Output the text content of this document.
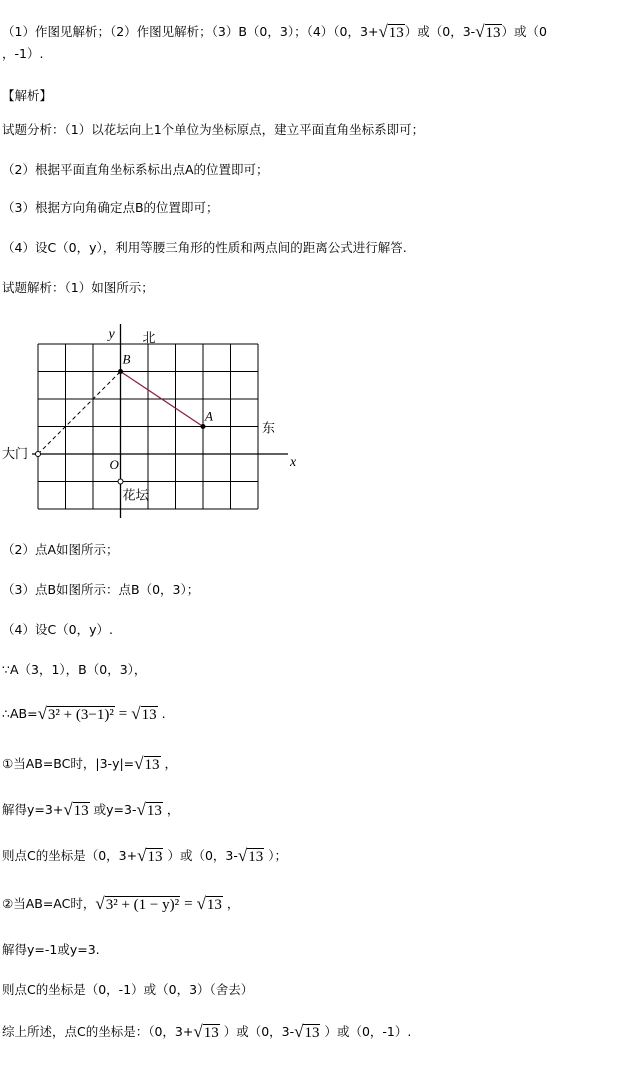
（1）作图见解析；（2）作图见解析；（3）B（0，3）；（4）（0，3+√13）或（0，3-√13）或（0
，-1）.
【解析】
试题分析：（1）以花坛向上1个单位为坐标原点，建立平面直角坐标系即可；
（2）根据平面直角坐标系标出点A的位置即可；
（3）根据方向角确定点B的位置即可；
（4）设C（0，y），利用等腰三角形的性质和两点间的距离公式进行解答.
试题解析：（1）如图所示；
y
x
北
东
大门
花坛
A
B
O
（2）点A如图所示；
（3）点B如图所示：点B（0，3）；
（4）设C（0，y）.
∵A（3，1），B（0，3），
∴AB=√3² + (3−1)² = √13 .
①当AB=BC时，|3-y|=√13 ，
解得y=3+√13 或y=3-√13 ，
则点C的坐标是（0，3+√13 ）或（0，3-√13 ）；
②当AB=AC时，√3² + (1 − y)² = √13 ，
解得y=-1或y=3.
则点C的坐标是（0，-1）或（0，3）（舍去）
综上所述，点C的坐标是：（0，3+√13 ）或（0，3-√13 ）或（0，-1）.
